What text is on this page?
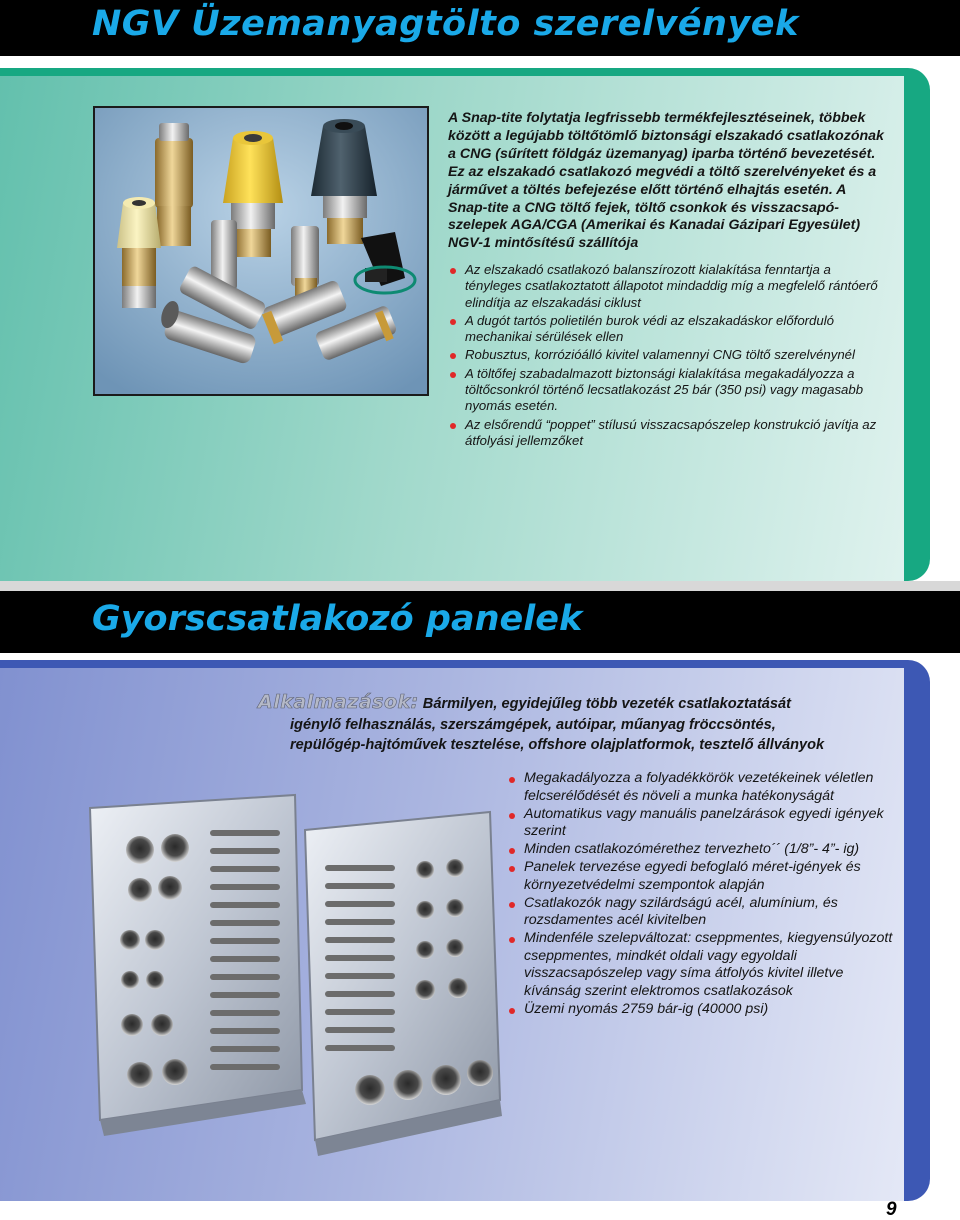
NGV Üzemanyagtölto szerelvények

A Snap-tite folytatja legfrissebb termékfejlesztéseinek, többek között a legújabb töltőtömlő biztonsági elszakadó csatlakozónak a CNG (sűrített földgáz üzemanyag) iparba történő bevezetését. Ez az elszakadó csatlakozó megvédi a töltő szerelvényeket és a járművet a töltés befejezése előtt történő elhajtás esetén. A Snap-tite a CNG töltő fejek, töltő csonkok és visszacsapó-szelepek AGA/CGA (Amerikai és Kanadai Gázipari Egyesület) NGV-1 mintősítésű szállítója

Az elszakadó csatlakozó balanszírozott kialakítása fenntartja a tényleges csatlakoztatott állapotot mindaddig míg a megfelelő rántóerő elindítja az elszakadási ciklust
A dugót tartós polietilén burok védi az elszakadáskor előforduló mechanikai sérülések ellen
Robusztus, korrózióálló kivitel valamennyi CNG töltő szerelvénynél
A töltőfej szabadalmazott biztonsági kialakítása megakadályozza a töltőcsonkról történő lecsatlakozást 25 bár (350 psi) vagy magasabb nyomás esetén.
Az elsőrendű “poppet” stílusú visszacsapószelep konstrukció javítja az átfolyási jellemzőket
Gyorscsatlakozó panelek
Alkalmazások: Bármilyen, egyidejűleg több vezeték csatlakoztatását
igénylő felhasználás, szerszámgépek, autóipar, műanyag fröccsöntés,
repülőgép-hajtóművek tesztelése, offshore olajplatformok, tesztelő állványok
Megakadályozza a folyadékkörök vezetékeinek véletlen felcserélődését és növeli a munka hatékonyságát
Automatikus vagy manuális panelzárások egyedi igények szerint
Minden csatlakozómérethez tervezheto´´ (1/8”- 4”- ig)
Panelek tervezése egyedi befoglaló méret-igények és környezetvédelmi szempontok alapján
Csatlakozók nagy szilárdságú acél, alumínium, és rozsdamentes acél kivitelben
Mindenféle szelepváltozat: cseppmentes, kiegyensúlyozott cseppmentes, mindkét oldali vagy egyoldali visszacsapószelep vagy síma átfolyós kivitel illetve kívánság szerint elektromos csatlakozások
Üzemi nyomás 2759 bár-ig (40000 psi)
9
